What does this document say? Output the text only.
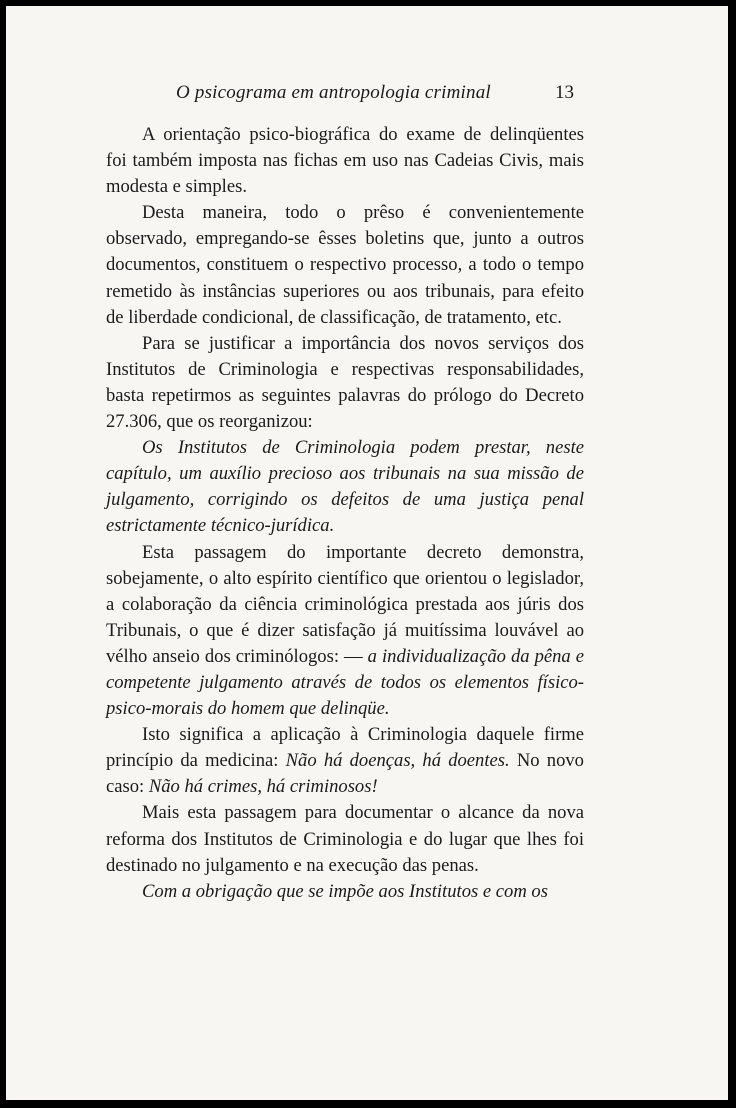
O psicograma em antropologia criminal	13

A orientação psico-biográfica do exame de delinqüentes foi também imposta nas fichas em uso nas Cadeias Civis, mais modesta e simples.

Desta maneira, todo o prêso é convenientemente observado, empregando-se êsses boletins que, junto a outros documentos, constituem o respectivo processo, a todo o tempo remetido às instâncias superiores ou aos tribunais, para efeito de liberdade condicional, de classificação, de tratamento, etc.

Para se justificar a importância dos novos serviços dos Institutos de Criminologia e respectivas responsabilidades, basta repetirmos as seguintes palavras do prólogo do Decreto 27.306, que os reorganizou:

Os Institutos de Criminologia podem prestar, neste capítulo, um auxílio precioso aos tribunais na sua missão de julgamento, corrigindo os defeitos de uma justiça penal estrictamente técnico-jurídica.

Esta passagem do importante decreto demonstra, sobejamente, o alto espírito científico que orientou o legislador, a colaboração da ciência criminológica prestada aos júris dos Tribunais, o que é dizer satisfação já muitíssima louvável ao vélho anseio dos criminólogos: — a individualização da pêna e competente julgamento através de todos os elementos físico-psico-morais do homem que delinqüe.

Isto significa a aplicação à Criminologia daquele firme princípio da medicina: Não há doenças, há doentes. No novo caso: Não há crimes, há criminosos!

Mais esta passagem para documentar o alcance da nova reforma dos Institutos de Criminologia e do lugar que lhes foi destinado no julgamento e na execução das penas.

Com a obrigação que se impõe aos Institutos e com os
